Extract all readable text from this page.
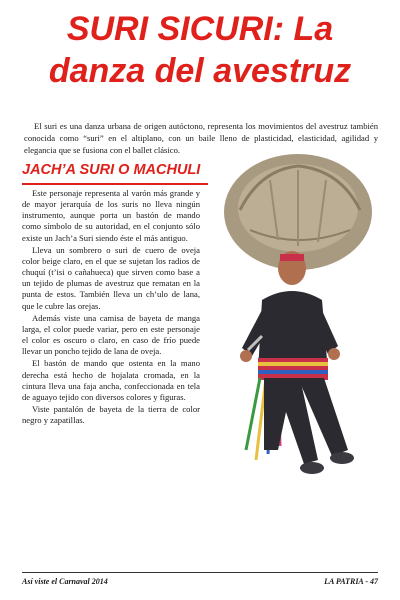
SURI SICURI: La danza del avestruz
El suri es una danza urbana de origen autóctono, representa los movimientos del avestruz también conocida como “suri” en el altiplano, con un baile lleno de plasticidad, elasticidad, agilidad y elegancia que se fusiona con el ballet clásico.
JACH’A SURI O MACHULI

Este personaje representa al varón más grande y de mayor jerarquía de los suris no lleva ningún instrumento, aunque porta un bastón de mando como símbolo de su autoridad, en el conjunto sólo existe un Jach’a Suri siendo éste el más antiguo.

Lleva un sombrero o suri de cuero de oveja color beige claro, en el que se sujetan los radios de chuquí (t’isi o cañahueca) que sirven como base a un tejido de plumas de avestruz que rematan en la punta de estos. También lleva un ch’ulo de lana, que le cubre las orejas.

Además viste una camisa de bayeta de manga larga, el color puede variar, pero en este personaje el color es oscuro o claro, en caso de frío puede llevar un poncho tejido de lana de oveja.

El bastón de mando que ostenta en la mano derecha está hecho de hojalata cromada, en la cintura lleva una faja ancha, confeccionada en tela de aguayo tejido con diversos colores y figuras.

Viste pantalón de bayeta de la tierra de color negro y zapatillas.

Así viste el Carnaval 2014	LA PATRIA - 47
